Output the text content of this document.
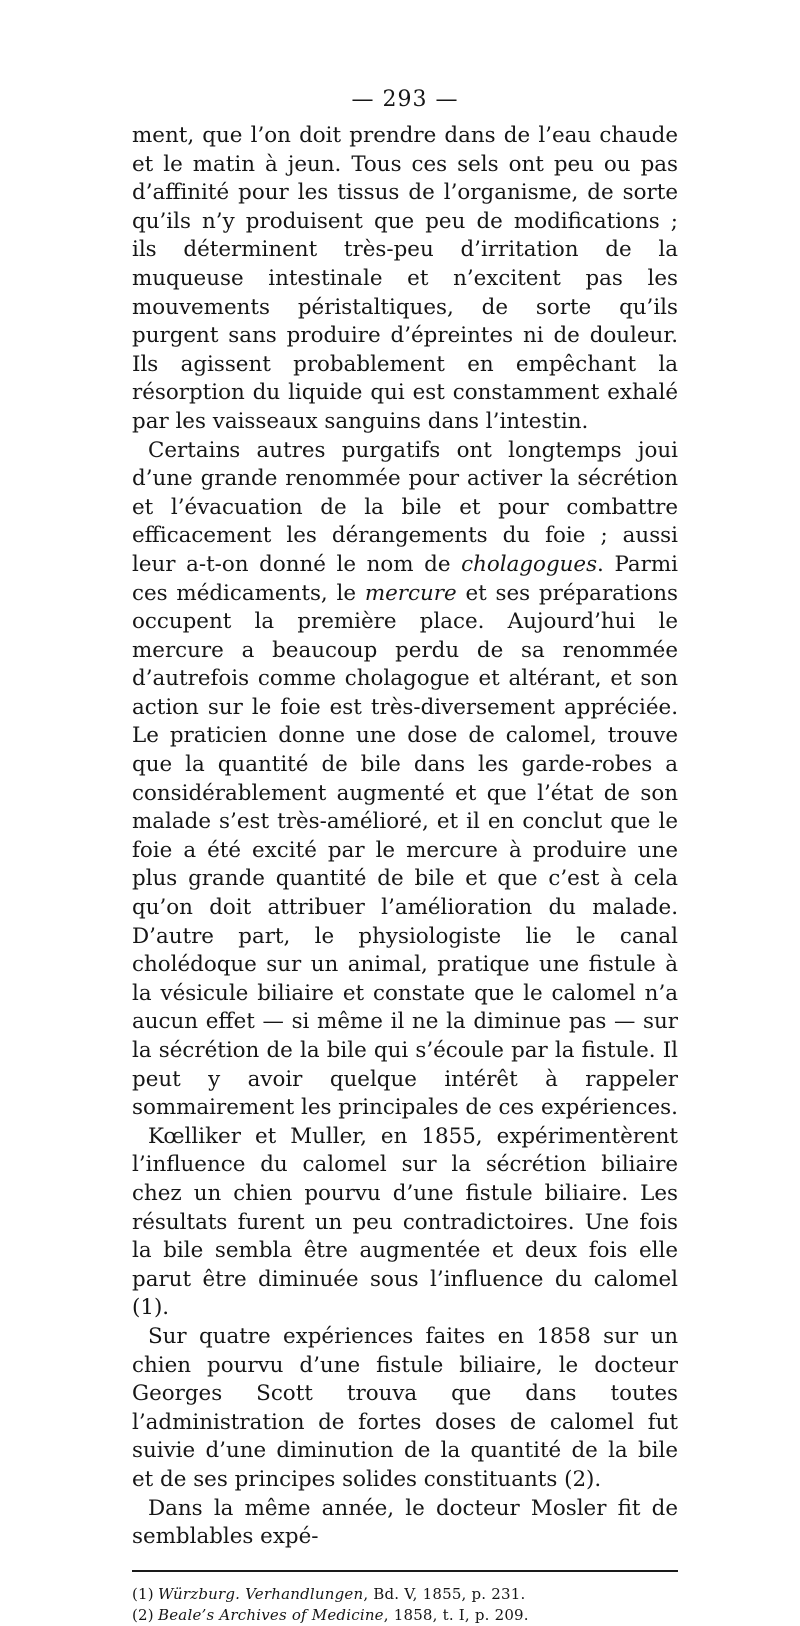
— 293 —

ment, que l’on doit prendre dans de l’eau chaude et le matin à jeun. Tous ces sels ont peu ou pas d’affinité pour les tissus de l’organisme, de sorte qu’ils n’y produisent que peu de modifications ; ils déterminent très-peu d’irritation de la muqueuse intestinale et n’excitent pas les mouvements péristaltiques, de sorte qu’ils purgent sans produire d’épreintes ni de douleur. Ils agissent probablement en empêchant la résorption du liquide qui est constamment exhalé par les vaisseaux sanguins dans l’intestin.

Certains autres purgatifs ont longtemps joui d’une grande renommée pour activer la sécrétion et l’évacuation de la bile et pour combattre efficacement les dérangements du foie ; aussi leur a-t-on donné le nom de cholagogues. Parmi ces médicaments, le mercure et ses préparations occupent la première place. Aujourd’hui le mercure a beaucoup perdu de sa renommée d’autrefois comme cholagogue et altérant, et son action sur le foie est très-diversement appréciée. Le praticien donne une dose de calomel, trouve que la quantité de bile dans les garde-robes a considérablement augmenté et que l’état de son malade s’est très-amélioré, et il en conclut que le foie a été excité par le mercure à produire une plus grande quantité de bile et que c’est à cela qu’on doit attribuer l’amélioration du malade. D’autre part, le physiologiste lie le canal cholédoque sur un animal, pratique une fistule à la vésicule biliaire et constate que le calomel n’a aucun effet — si même il ne la diminue pas — sur la sécrétion de la bile qui s’écoule par la fistule. Il peut y avoir quelque intérêt à rappeler sommairement les principales de ces expériences.

Kœlliker et Muller, en 1855, expérimentèrent l’influence du calomel sur la sécrétion biliaire chez un chien pourvu d’une fistule biliaire. Les résultats furent un peu contradictoires. Une fois la bile sembla être augmentée et deux fois elle parut être diminuée sous l’influence du calomel (1).

Sur quatre expériences faites en 1858 sur un chien pourvu d’une fistule biliaire, le docteur Georges Scott trouva que dans toutes l’administration de fortes doses de calomel fut suivie d’une diminution de la quantité de la bile et de ses principes solides constituants (2).

Dans la même année, le docteur Mosler fit de semblables expé-

(1) Würzburg. Verhandlungen, Bd. V, 1855, p. 231.

(2) Beale’s Archives of Medicine, 1858, t. I, p. 209.
